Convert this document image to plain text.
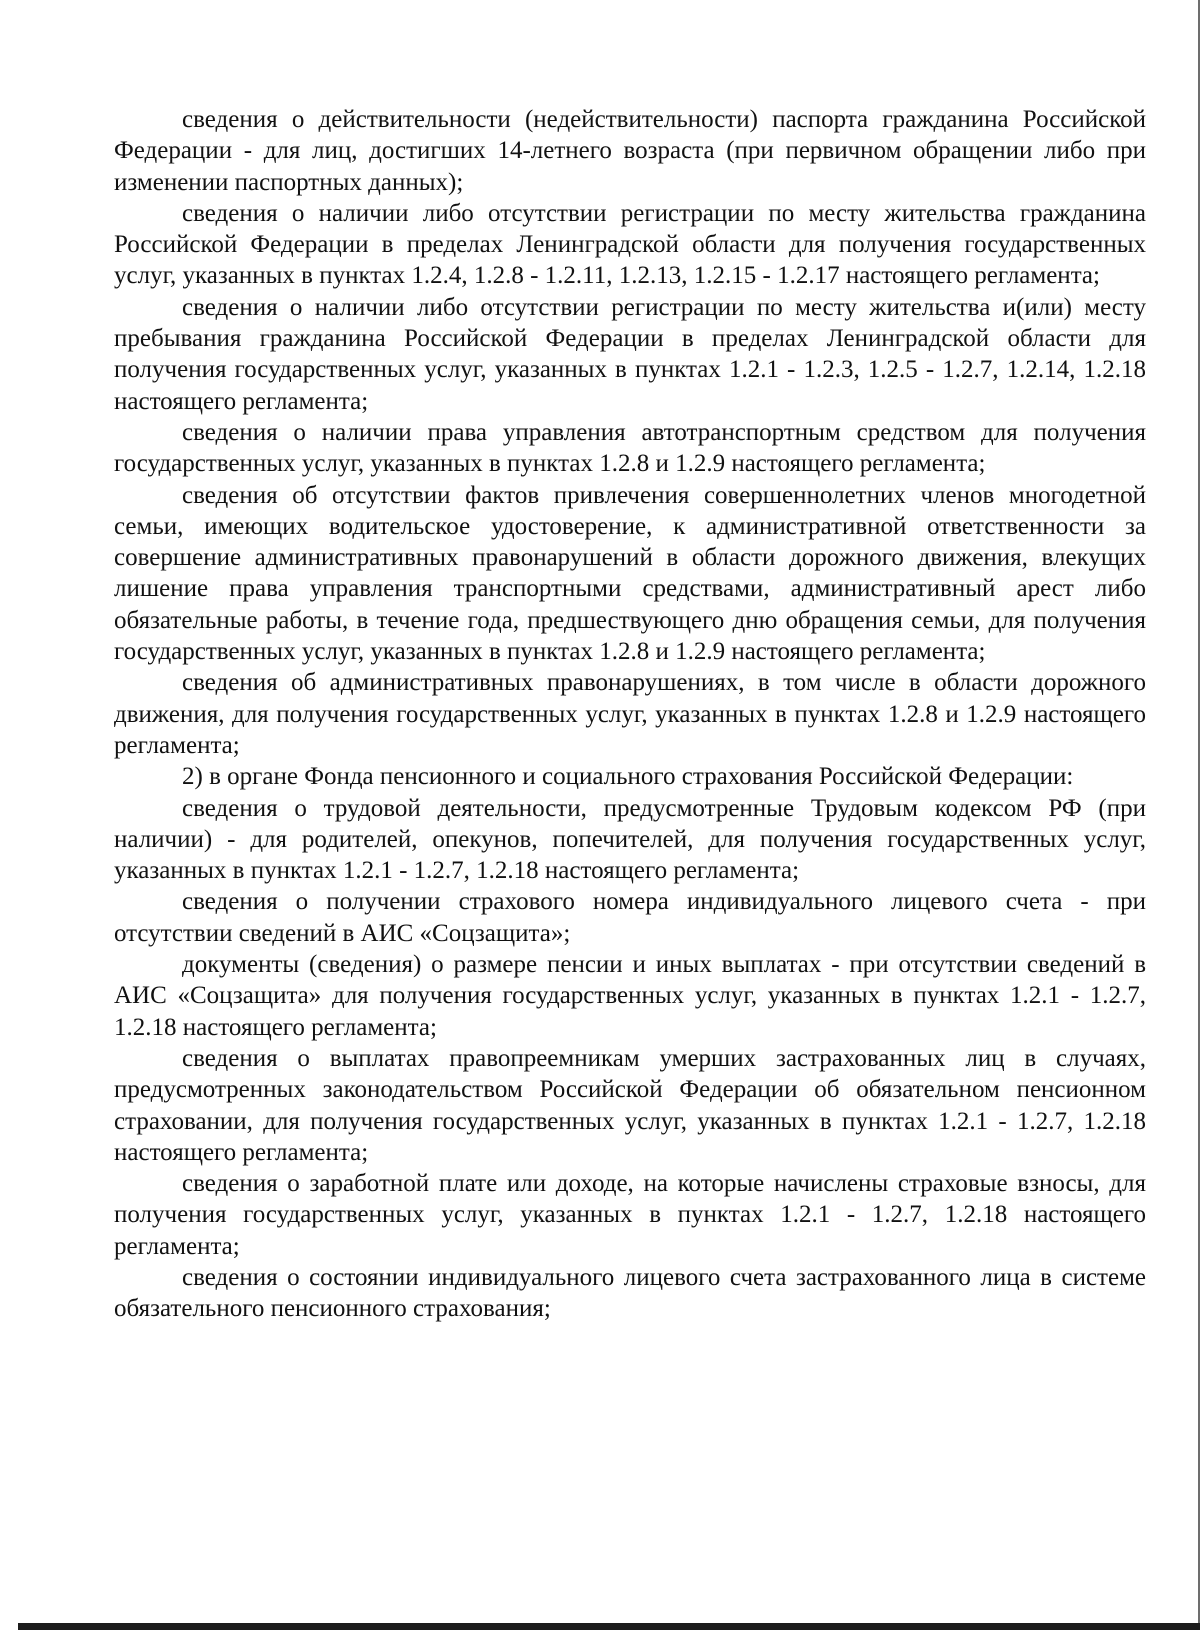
сведения о действительности (недействительности) паспорта гражданина Российской Федерации - для лиц, достигших 14-летнего возраста (при первичном обращении либо при изменении паспортных данных);

сведения о наличии либо отсутствии регистрации по месту жительства гражданина Российской Федерации в пределах Ленинградской области для получения государственных услуг, указанных в пунктах 1.2.4, 1.2.8 - 1.2.11, 1.2.13, 1.2.15 - 1.2.17 настоящего регламента;

сведения о наличии либо отсутствии регистрации по месту жительства и(или) месту пребывания гражданина Российской Федерации в пределах Ленинградской области для получения государственных услуг, указанных в пунктах 1.2.1 - 1.2.3, 1.2.5 - 1.2.7, 1.2.14, 1.2.18 настоящего регламента;

сведения о наличии права управления автотранспортным средством для получения государственных услуг, указанных в пунктах 1.2.8 и 1.2.9 настоящего регламента;

сведения об отсутствии фактов привлечения совершеннолетних членов многодетной семьи, имеющих водительское удостоверение, к административной ответственности за совершение административных правонарушений в области дорожного движения, влекущих лишение права управления транспортными средствами, административный арест либо обязательные работы, в течение года, предшествующего дню обращения семьи, для получения государственных услуг, указанных в пунктах 1.2.8 и 1.2.9 настоящего регламента;

сведения об административных правонарушениях, в том числе в области дорожного движения, для получения государственных услуг, указанных в пунктах 1.2.8 и 1.2.9 настоящего регламента;

2) в органе Фонда пенсионного и социального страхования Российской Федерации:

сведения о трудовой деятельности, предусмотренные Трудовым кодексом РФ (при наличии) - для родителей, опекунов, попечителей, для получения государственных услуг, указанных в пунктах 1.2.1 - 1.2.7, 1.2.18 настоящего регламента;

сведения о получении страхового номера индивидуального лицевого счета - при отсутствии сведений в АИС «Соцзащита»;

документы (сведения) о размере пенсии и иных выплатах - при отсутствии сведений в АИС «Соцзащита» для получения государственных услуг, указанных в пунктах 1.2.1 - 1.2.7, 1.2.18 настоящего регламента;

сведения о выплатах правопреемникам умерших застрахованных лиц в случаях, предусмотренных законодательством Российской Федерации об обязательном пенсионном страховании, для получения государственных услуг, указанных в пунктах 1.2.1 - 1.2.7, 1.2.18 настоящего регламента;

сведения о заработной плате или доходе, на которые начислены страховые взносы, для получения государственных услуг, указанных в пунктах 1.2.1 - 1.2.7, 1.2.18 настоящего регламента;

сведения о состоянии индивидуального лицевого счета застрахованного лица в системе обязательного пенсионного страхования;
